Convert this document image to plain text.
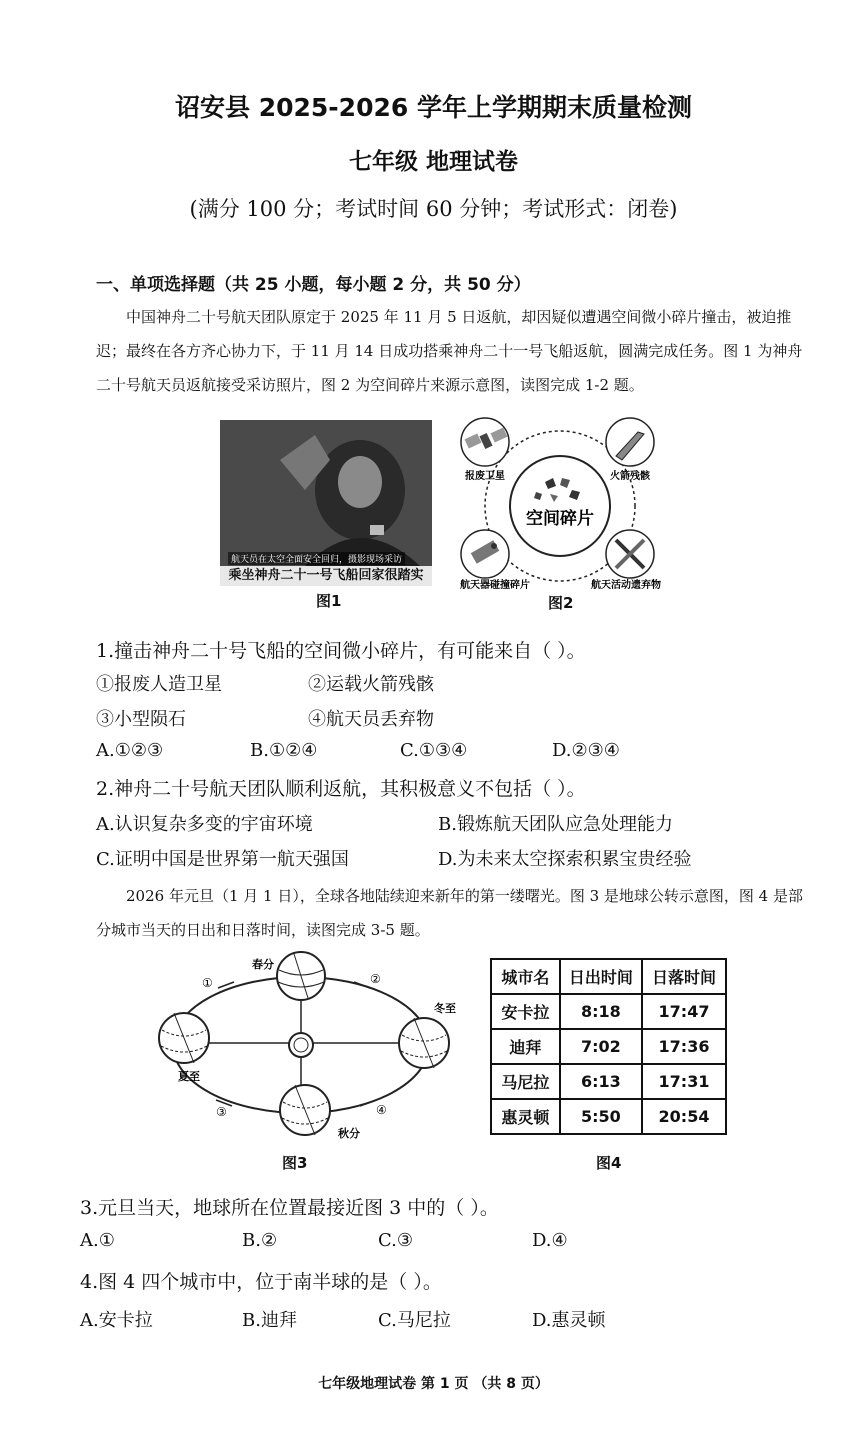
诏安县 2025-2026 学年上学期期末质量检测
七年级 地理试卷
(满分 100 分；考试时间 60 分钟；考试形式：闭卷)
一、单项选择题（共 25 小题，每小题 2 分，共 50 分）
中国神舟二十号航天团队原定于 2025 年 11 月 5 日返航，却因疑似遭遇空间微小碎片撞击，被迫推迟；最终在各方齐心协力下，于 11 月 14 日成功搭乘神舟二十一号飞船返航，圆满完成任务。图 1 为神舟二十号航天员返航接受采访照片，图 2 为空间碎片来源示意图，读图完成 1-2 题。
航天员在太空全面安全回归，摄影现场采访
乘坐神舟二十一号飞船回家很踏实
图1
空间碎片
报废卫星	火箭残骸
航天器碰撞碎片	航天活动遗弃物
图2
1.撞击神舟二十号飞船的空间微小碎片，有可能来自（ ）。
①报废人造卫星	②运载火箭残骸
③小型陨石	④航天员丢弃物
A.①②③	B.①②④	C.①③④	D.②③④
2.神舟二十号航天团队顺利返航，其积极意义不包括（ ）。
A.认识复杂多变的宇宙环境	B.锻炼航天团队应急处理能力
C.证明中国是世界第一航天强国	D.为未来太空探索积累宝贵经验
2026 年元旦（1 月 1 日），全球各地陆续迎来新年的第一缕曙光。图 3 是地球公转示意图，图 4 是部分城市当天的日出和日落时间，读图完成 3-5 题。
春分
夏至
秋分
冬至
①	②
③	④
图3
城市名	日出时间	日落时间
安卡拉	8:18	17:47
迪拜	7:02	17:36
马尼拉	6:13	17:31
惠灵顿	5:50	20:54
图4
3.元旦当天，地球所在位置最接近图 3 中的（ ）。
A.①	B.②	C.③	D.④
4.图 4 四个城市中，位于南半球的是（ ）。
A.安卡拉	B.迪拜	C.马尼拉	D.惠灵顿
七年级地理试卷 第 1 页 （共 8 页）
